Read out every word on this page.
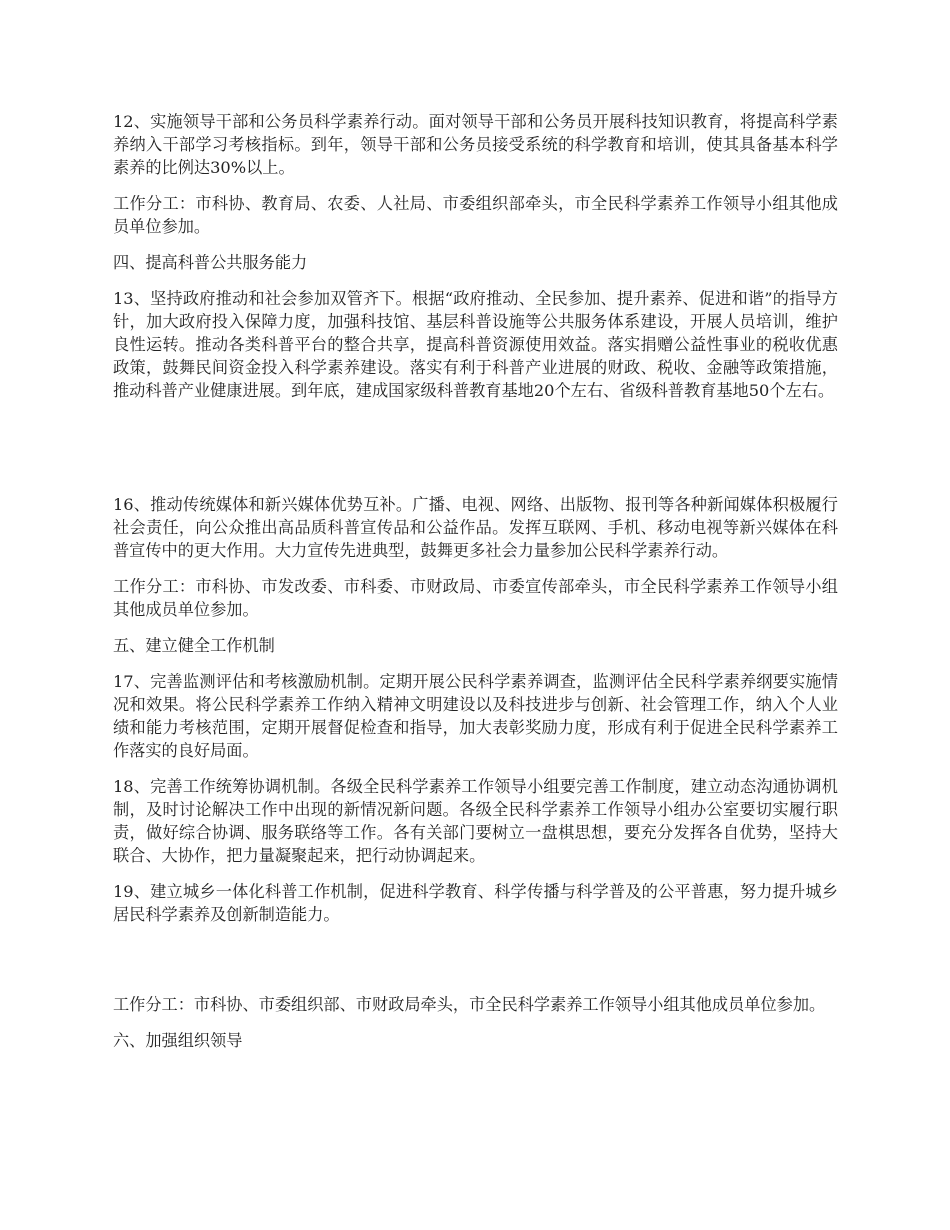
12、实施领导干部和公务员科学素养行动。面对领导干部和公务员开展科技知识教育，将提高科学素养纳入干部学习考核指标。到年，领导干部和公务员接受系统的科学教育和培训，使其具备基本科学素养的比例达30%以上。

工作分工：市科协、教育局、农委、人社局、市委组织部牵头，市全民科学素养工作领导小组其他成员单位参加。

四、提高科普公共服务能力

13、坚持政府推动和社会参加双管齐下。根据“政府推动、全民参加、提升素养、促进和谐”的指导方针，加大政府投入保障力度，加强科技馆、基层科普设施等公共服务体系建设，开展人员培训，维护良性运转。推动各类科普平台的整合共享，提高科普资源使用效益。落实捐赠公益性事业的税收优惠政策，鼓舞民间资金投入科学素养建设。落实有利于科普产业进展的财政、税收、金融等政策措施，推动科普产业健康进展。到年底，建成国家级科普教育基地20个左右、省级科普教育基地50个左右。

16、推动传统媒体和新兴媒体优势互补。广播、电视、网络、出版物、报刊等各种新闻媒体积极履行社会责任，向公众推出高品质科普宣传品和公益作品。发挥互联网、手机、移动电视等新兴媒体在科普宣传中的更大作用。大力宣传先进典型，鼓舞更多社会力量参加公民科学素养行动。

工作分工：市科协、市发改委、市科委、市财政局、市委宣传部牵头，市全民科学素养工作领导小组其他成员单位参加。

五、建立健全工作机制

17、完善监测评估和考核激励机制。定期开展公民科学素养调查，监测评估全民科学素养纲要实施情况和效果。将公民科学素养工作纳入精神文明建设以及科技进步与创新、社会管理工作，纳入个人业绩和能力考核范围，定期开展督促检查和指导，加大表彰奖励力度，形成有利于促进全民科学素养工作落实的良好局面。

18、完善工作统筹协调机制。各级全民科学素养工作领导小组要完善工作制度，建立动态沟通协调机制，及时讨论解决工作中出现的新情况新问题。各级全民科学素养工作领导小组办公室要切实履行职责，做好综合协调、服务联络等工作。各有关部门要树立一盘棋思想，要充分发挥各自优势，坚持大联合、大协作，把力量凝聚起来，把行动协调起来。

19、建立城乡一体化科普工作机制，促进科学教育、科学传播与科学普及的公平普惠，努力提升城乡居民科学素养及创新制造能力。

工作分工：市科协、市委组织部、市财政局牵头，市全民科学素养工作领导小组其他成员单位参加。

六、加强组织领导
